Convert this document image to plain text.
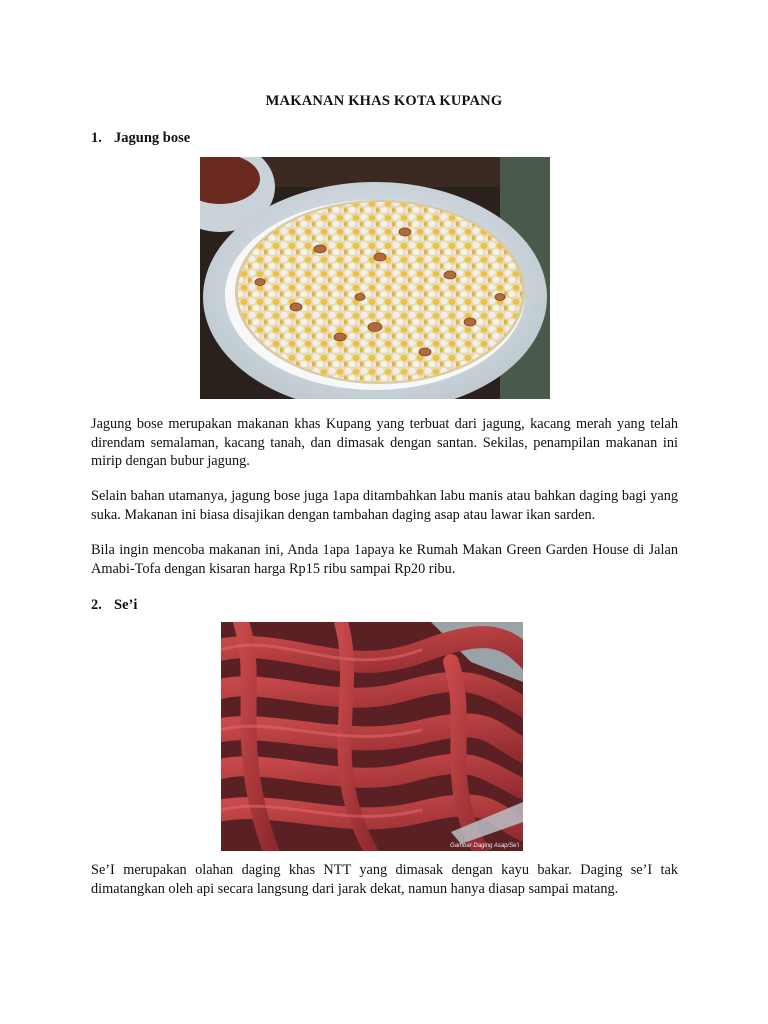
MAKANAN KHAS KOTA KUPANG
1. Jagung bose

Jagung bose merupakan makanan khas Kupang yang terbuat dari jagung, kacang merah yang telah direndam semalaman, kacang tanah, dan dimasak dengan santan. Sekilas, penampilan makanan ini mirip dengan bubur jagung.

Selain bahan utamanya, jagung bose juga 1apa ditambahkan labu manis atau bahkan daging bagi yang suka. Makanan ini biasa disajikan dengan tambahan daging asap atau lawar ikan sarden.

Bila ingin mencoba makanan ini, Anda 1apa 1apaya ke Rumah Makan Green Garden House di Jalan Amabi-Tofa dengan kisaran harga Rp15 ribu sampai Rp20 ribu.

2. Se’i
Gambar Daging Asap/Se'i

Se’I merupakan olahan daging khas NTT yang dimasak dengan kayu bakar. Daging se’I tak dimatangkan oleh api secara langsung dari jarak dekat, namun hanya diasap sampai matang.
